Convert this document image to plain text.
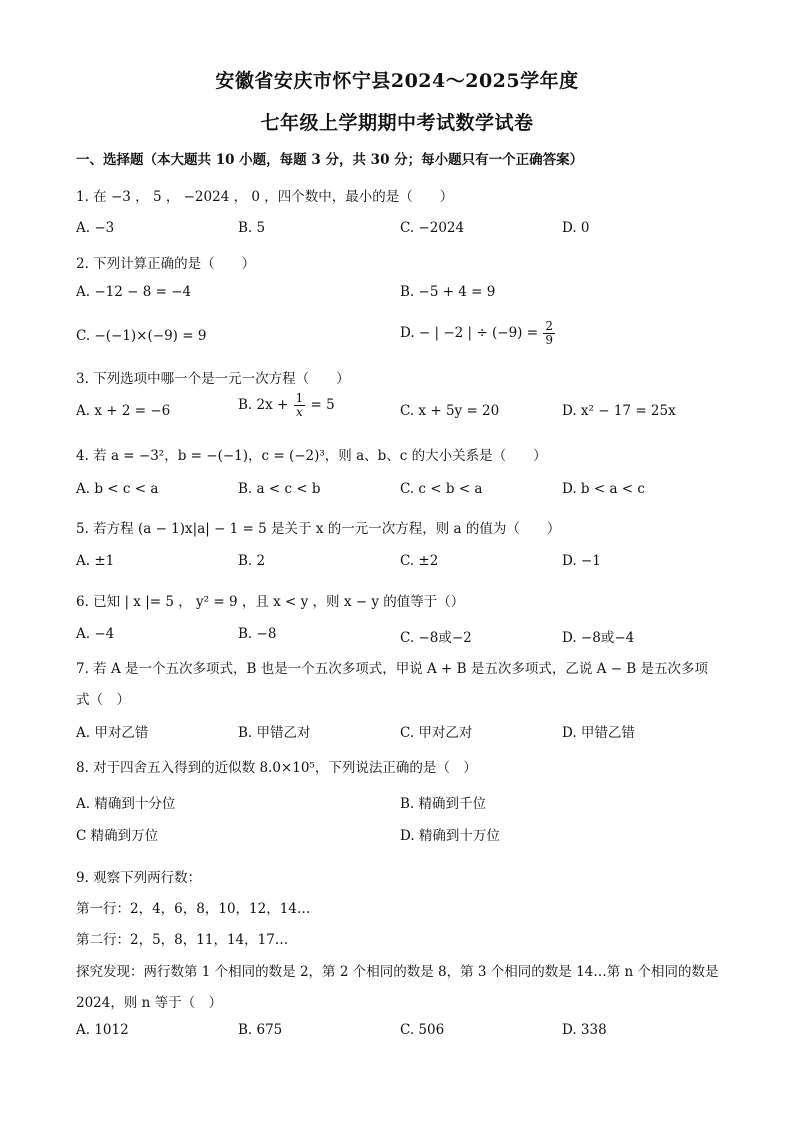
安徽省安庆市怀宁县2024～2025学年度
七年级上学期期中考试数学试卷
一、选择题（本大题共 10 小题，每题 3 分，共 30 分；每小题只有一个正确答案）
1. 在 −3 ， 5 ， −2024 ， 0 ，四个数中，最小的是（　　）
A. −3	B. 5	C. −2024	D. 0
2. 下列计算正确的是（　　）
A. −12 − 8 = −4	B. −5 + 4 = 9
C. −(−1)×(−9) = 9	D. − | −2 | ÷ $(-9) = \frac{2}{9}$
3. 下列选项中哪一个是一元一次方程（　　）
A. x + 2 = −6	B. $2x + \frac{1}{x} = 5$	C. x + 5y = 20	D. x² − 17 = 25x
4. 若 a = −3²，b = −(−1)，c = (−2)³，则 a、b、c 的大小关系是（　　）
A. b < c < a	B. a < c < b	C. c < b < a	D. b < a < c
5. 若方程 (a − 1)x|a| − 1 = 5 是关于 x 的一元一次方程，则 a 的值为（　　）
A. ±1	B. 2	C. ±2	D. −1
6. 已知 | x |= 5 ， y² = 9 ，且 x < y ，则 x − y 的值等于（）
A. −4	B. −8	C. −8或−2	D. −8或−4
7. 若 A 是一个五次多项式，B 也是一个五次多项式，甲说 A + B 是五次多项式，乙说 A − B 是五次多项
式（　）
A. 甲对乙错	B. 甲错乙对	C. 甲对乙对	D. 甲错乙错
8. 对于四舍五入得到的近似数 8.0×10⁵，下列说法正确的是（　）
A. 精确到十分位	B. 精确到千位
C 精确到万位	D. 精确到十万位
9. 观察下列两行数：
第一行：2，4，6，8，10，12，14…
第二行：2，5，8，11，14，17…
探究发现：两行数第 1 个相同的数是 2，第 2 个相同的数是 8，第 3 个相同的数是 14…第 n 个相同的数是
2024，则 n 等于（　）
A. 1012	B. 675	C. 506	D. 338
